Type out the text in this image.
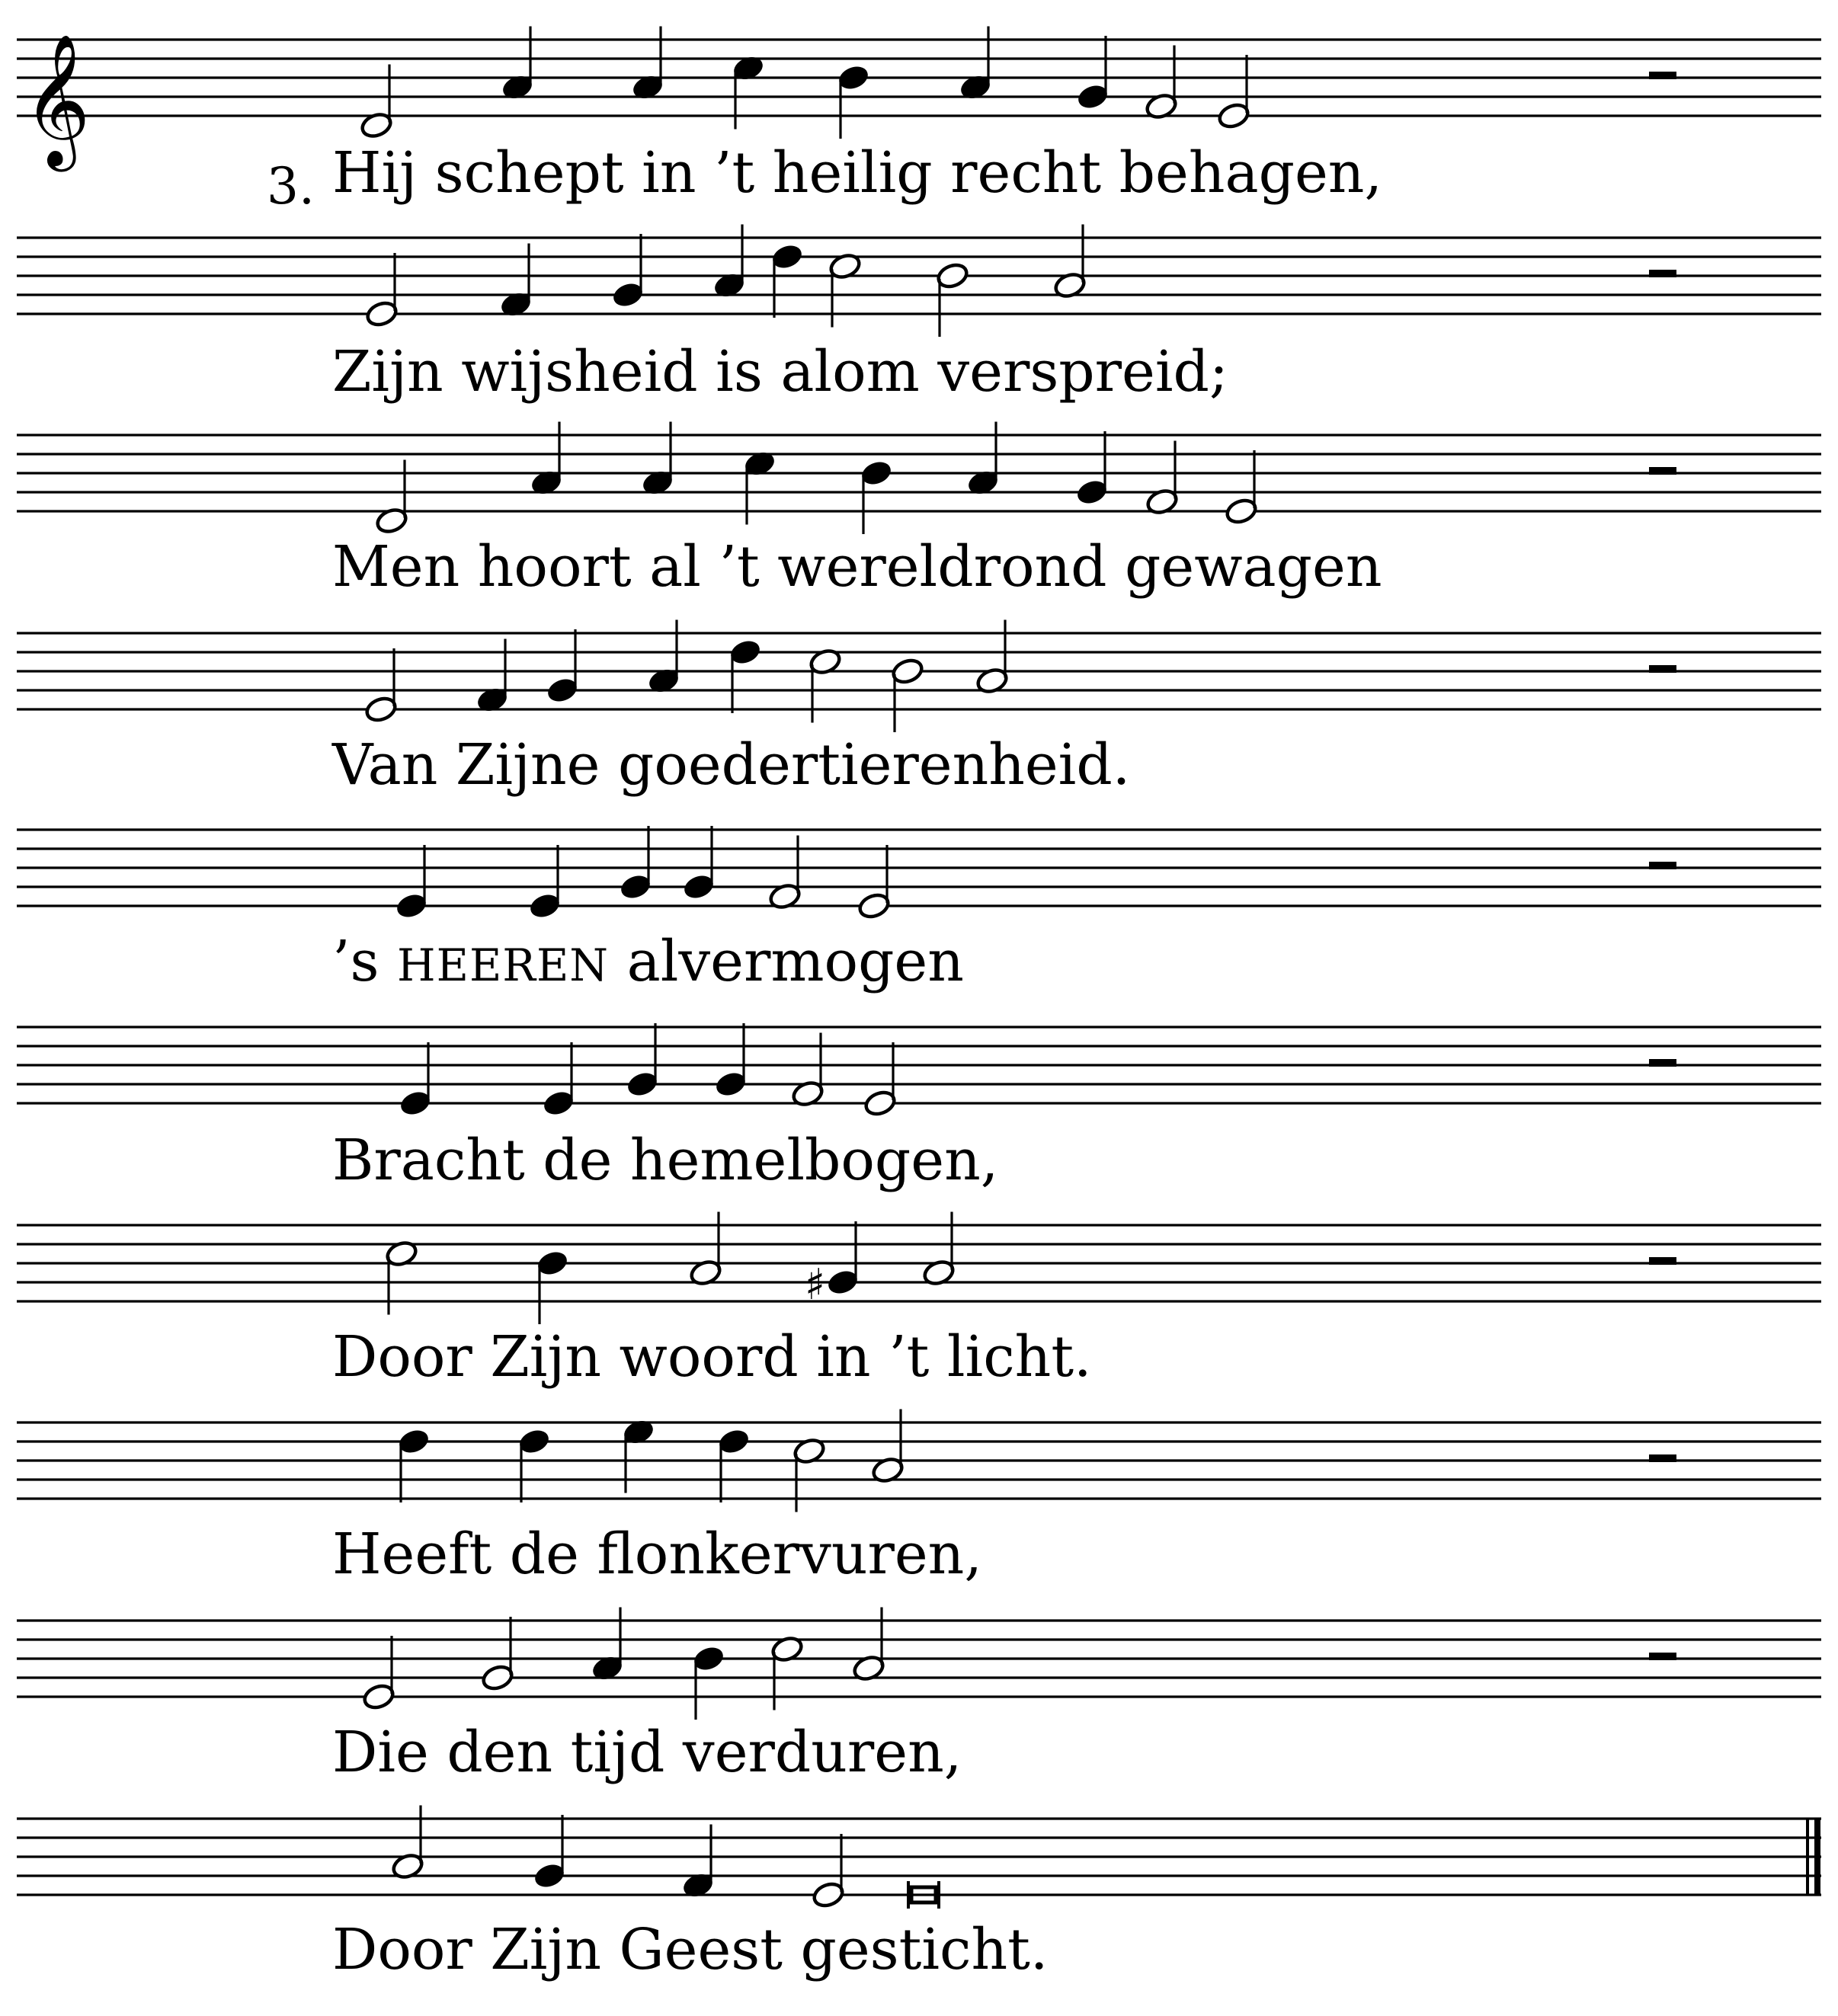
𝄞
♯
3. Hij schept in ’t heilig recht behagen,
Zijn wijsheid is alom verspreid;
Men hoort al ’t wereldrond gewagen
Van Zijne goedertierenheid.
’s HEEREN alvermogen
Bracht de hemelbogen,
Door Zijn woord in ’t licht.
Heeft de flonkervuren,
Die den tijd verduren,
Door Zijn Geest gesticht.
